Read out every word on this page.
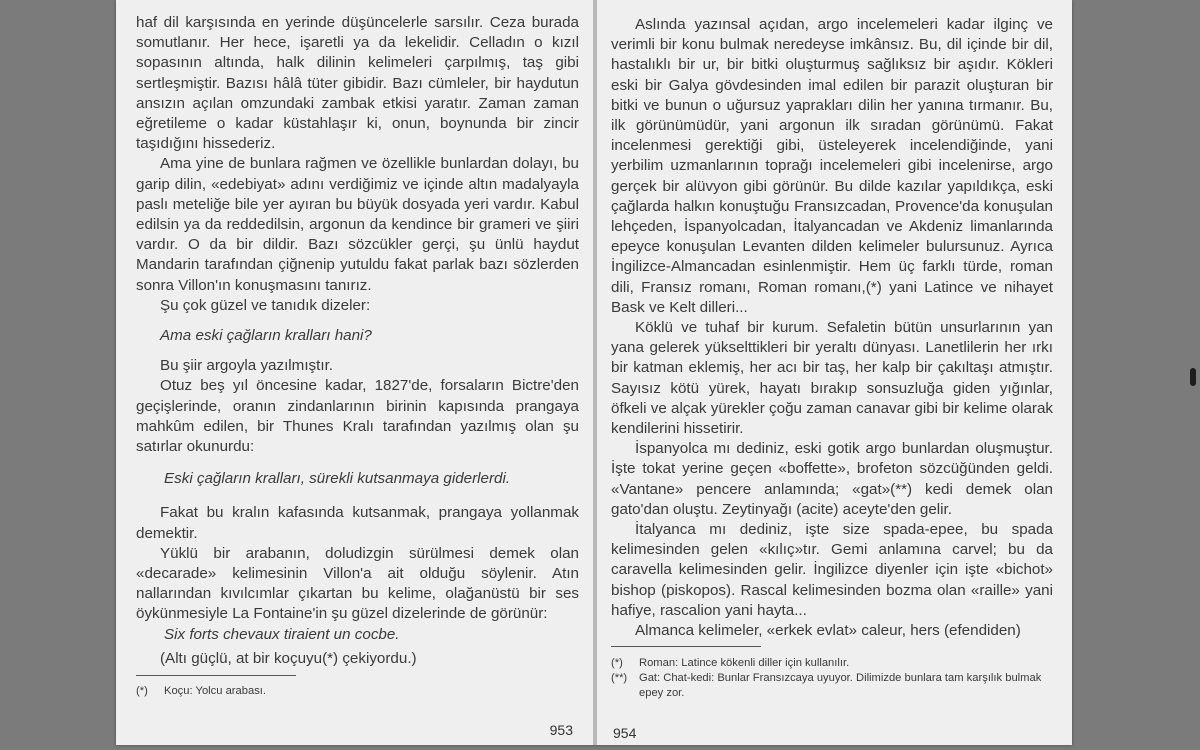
haf dil karşısında en yerinde düşüncelerle sarsılır. Ceza burada somutlanır. Her hece, işaretli ya da lekelidir. Celladın o kızıl sopasının altında, halk dilinin kelimeleri çarpılmış, taş gibi sertleşmiştir. Bazısı hâlâ tüter gibidir. Bazı cümleler, bir haydutun ansızın açılan omzundaki zambak etkisi yaratır. Zaman zaman eğretileme o kadar küstahlaşır ki, onun, boynunda bir zincir taşıdığını hissederiz.

Ama yine de bunlara rağmen ve özellikle bunlardan dolayı, bu garip dilin, «edebiyat» adını verdiğimiz ve içinde altın madalyayla paslı meteliğe bile yer ayıran bu büyük dosyada yeri vardır. Kabul edilsin ya da reddedilsin, argonun da kendince bir grameri ve şiiri vardır. O da bir dildir. Bazı sözcükler gerçi, şu ünlü haydut Mandarin tarafından çiğnenip yutuldu fakat parlak bazı sözlerden sonra Villon'ın konuşmasını tanırız.

Şu çok güzel ve tanıdık dizeler:

Ama eski çağların kralları hani?

Bu şiir argoyla yazılmıştır.

Otuz beş yıl öncesine kadar, 1827'de, forsaların Bictre'den geçişlerinde, oranın zindanlarının birinin kapısında prangaya mahkûm edilen, bir Thunes Kralı tarafından yazılmış olan şu satırlar okunurdu:

Eski çağların kralları, sürekli kutsanmaya giderlerdi.

Fakat bu kralın kafasında kutsanmak, prangaya yollanmak demektir.

Yüklü bir arabanın, doludizgin sürülmesi demek olan «decarade» kelimesinin Villon'a ait olduğu söylenir. Atın nallarından kıvılcımlar çıkartan bu kelime, olağanüstü bir ses öykünmesiyle La Fontaine'in şu güzel dizelerinde de görünür:

Six forts chevaux tiraient un cocbe.

(Altı güçlü, at bir koçuyu(*) çekiyordu.)

(*)	Koçu: Yolcu arabası.
953

Aslında yazınsal açıdan, argo incelemeleri kadar ilginç ve verimli bir konu bulmak neredeyse imkânsız. Bu, dil içinde bir dil, hastalıklı bir ur, bir bitki oluşturmuş sağlıksız bir aşıdır. Kökleri eski bir Galya gövdesinden imal edilen bir parazit oluşturan bir bitki ve bunun o uğursuz yaprakları dilin her yanına tırmanır. Bu, ilk görünümüdür, yani argonun ilk sıradan görünümü. Fakat incelenmesi gerektiği gibi, üsteleyerek incelendiğinde, yani yerbilim uzmanlarının toprağı incelemeleri gibi incelenirse, argo gerçek bir alüvyon gibi görünür. Bu dilde kazılar yapıldıkça, eski çağlarda halkın konuştuğu Fransızcadan, Provence'da konuşulan lehçeden, İspanyolcadan, İtalyancadan ve Akdeniz limanlarında epeyce konuşulan Levanten dilden kelimeler bulursunuz. Ayrıca İngilizce-Almancadan esinlenmiştir. Hem üç farklı türde, roman dili, Fransız romanı, Roman romanı,(*) yani Latince ve nihayet Bask ve Kelt dilleri...

Köklü ve tuhaf bir kurum. Sefaletin bütün unsurlarının yan yana gelerek yükselttikleri bir yeraltı dünyası. Lanetlilerin her ırkı bir katman eklemiş, her acı bir taş, her kalp bir çakıltaşı atmıştır. Sayısız kötü yürek, hayatı bırakıp sonsuzluğa giden yığınlar, öfkeli ve alçak yürekler çoğu zaman canavar gibi bir kelime olarak kendilerini hissetirir.

İspanyolca mı dediniz, eski gotik argo bunlardan oluşmuştur. İşte tokat yerine geçen «boffette», brofeton sözcüğünden geldi. «Vantane» pencere anlamında; «gat»(**) kedi demek olan gato'dan oluştu. Zeytinyağı (acite) aceyte'den gelir.

İtalyanca mı dediniz, işte size spada-epee, bu spada kelimesinden gelen «kılıç»tır. Gemi anlamına carvel; bu da caravella kelimesinden gelir. İngilizce diyenler için işte «bichot» bishop (piskopos). Rascal kelimesinden bozma olan «raille» yani hafiye, rascalion yani hayta...

Almanca kelimeler, «erkek evlat» caleur, hers (efendiden)

(*)	Roman: Latince kökenli diller için kullanılır.
(**)	Gat: Chat-kedi: Bunlar Fransızcaya uyuyor. Dilimizde bunlara tam karşılık bulmak epey zor.
954
